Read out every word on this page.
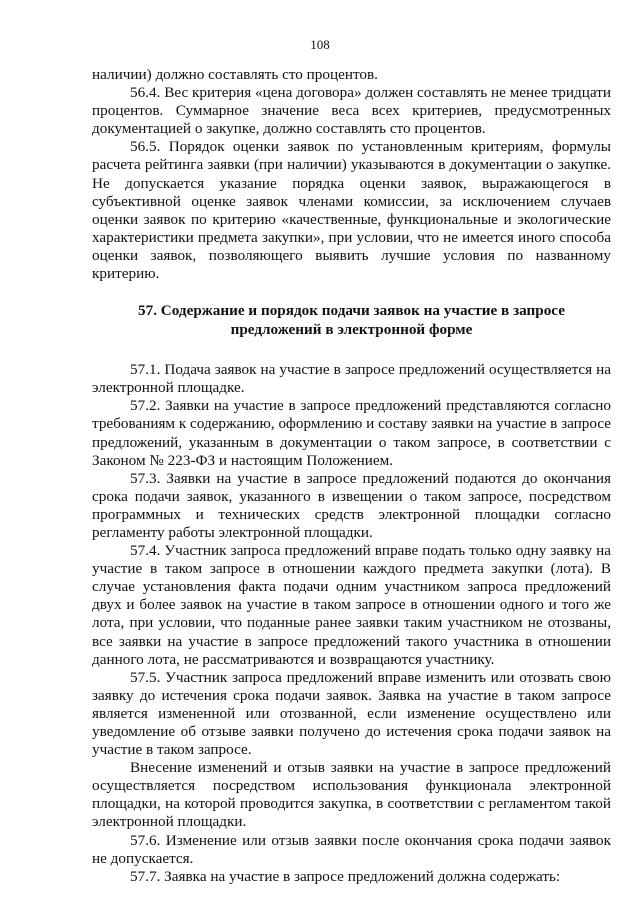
108

наличии) должно составлять сто процентов.

56.4. Вес критерия «цена договора» должен составлять не менее тридцати процентов. Суммарное значение веса всех критериев, предусмотренных документацией о закупке, должно составлять сто процентов.

56.5. Порядок оценки заявок по установленным критериям, формулы расчета рейтинга заявки (при наличии) указываются в документации о закупке. Не допускается указание порядка оценки заявок, выражающегося в субъективной оценке заявок членами комиссии, за исключением случаев оценки заявок по критерию «качественные, функциональные и экологические характеристики предмета закупки», при условии, что не имеется иного способа оценки заявок, позволяющего выявить лучшие условия по названному критерию.

57. Содержание и порядок подачи заявок на участие в запросе предложений в электронной форме

57.1. Подача заявок на участие в запросе предложений осуществляется на электронной площадке.

57.2. Заявки на участие в запросе предложений представляются согласно требованиям к содержанию, оформлению и составу заявки на участие в запросе предложений, указанным в документации о таком запросе, в соответствии с Законом № 223-ФЗ и настоящим Положением.

57.3. Заявки на участие в запросе предложений подаются до окончания срока подачи заявок, указанного в извещении о таком запросе, посредством программных и технических средств электронной площадки согласно регламенту работы электронной площадки.

57.4. Участник запроса предложений вправе подать только одну заявку на участие в таком запросе в отношении каждого предмета закупки (лота). В случае установления факта подачи одним участником запроса предложений двух и более заявок на участие в таком запросе в отношении одного и того же лота, при условии, что поданные ранее заявки таким участником не отозваны, все заявки на участие в запросе предложений такого участника в отношении данного лота, не рассматриваются и возвращаются участнику.

57.5. Участник запроса предложений вправе изменить или отозвать свою заявку до истечения срока подачи заявок. Заявка на участие в таком запросе является измененной или отозванной, если изменение осуществлено или уведомление об отзыве заявки получено до истечения срока подачи заявок на участие в таком запросе.

Внесение изменений и отзыв заявки на участие в запросе предложений осуществляется посредством использования функционала электронной площадки, на которой проводится закупка, в соответствии с регламентом такой электронной площадки.

57.6. Изменение или отзыв заявки после окончания срока подачи заявок не допускается.

57.7. Заявка на участие в запросе предложений должна содержать:
